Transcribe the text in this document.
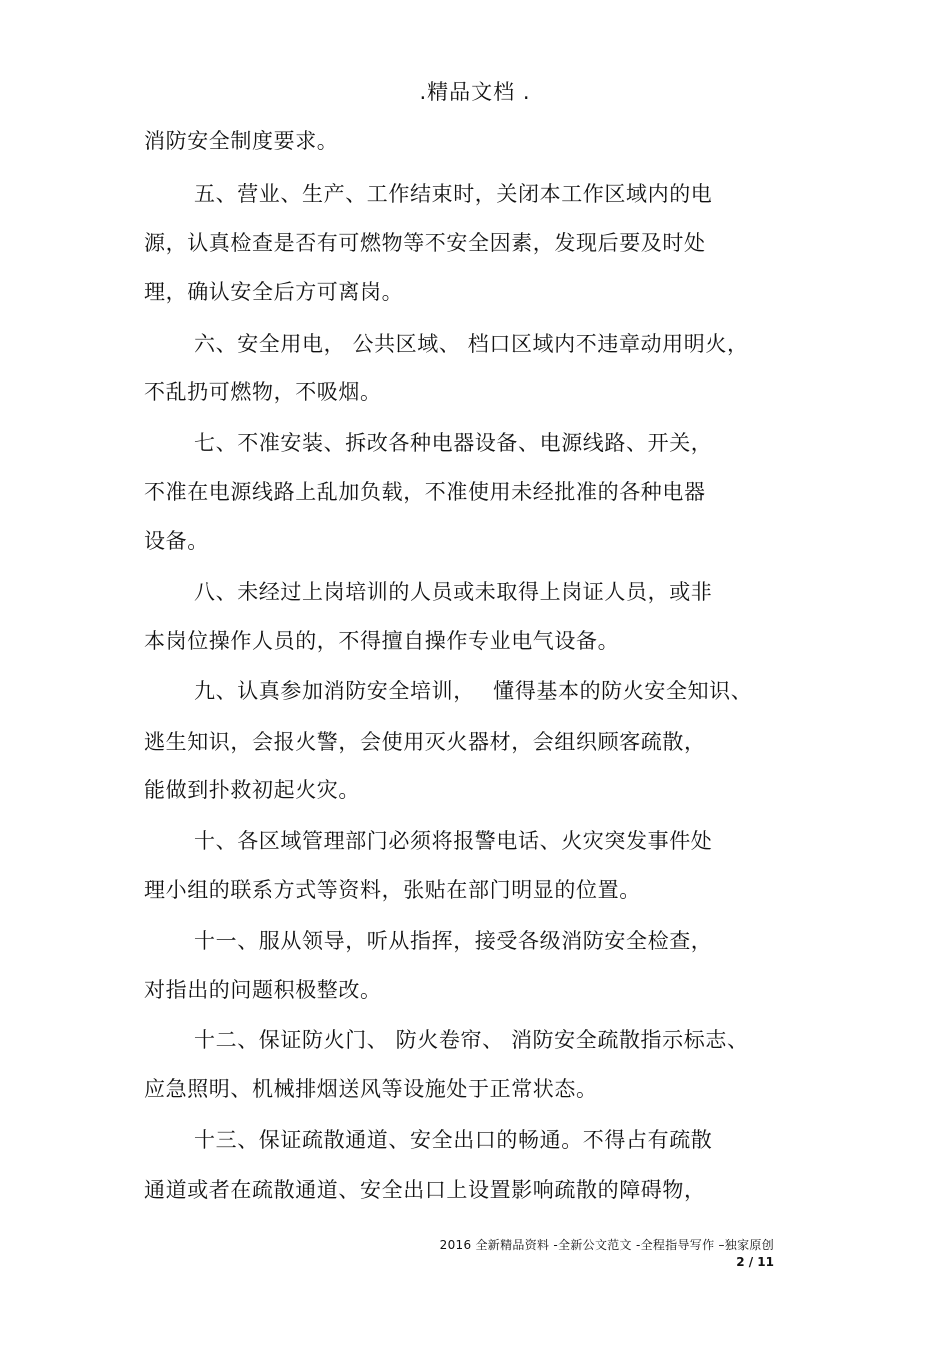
.精品文档 .
消防安全制度要求。
五、营业、生产、工作结束时，关闭本工作区域内的电
源，认真检查是否有可燃物等不安全因素，发现后要及时处
理，确认安全后方可离岗。
六、安全用电， 公共区域、 档口区域内不违章动用明火，
不乱扔可燃物，不吸烟。
七、不准安装、拆改各种电器设备、电源线路、开关，
不准在电源线路上乱加负载，不准使用未经批准的各种电器
设备。
八、未经过上岗培训的人员或未取得上岗证人员，或非
本岗位操作人员的，不得擅自操作专业电气设备。
九、认真参加消防安全培训，　 懂得基本的防火安全知识、
逃生知识，会报火警，会使用灭火器材，会组织顾客疏散，
能做到扑救初起火灾。
十、各区域管理部门必须将报警电话、火灾突发事件处
理小组的联系方式等资料，张贴在部门明显的位置。
十一、服从领导，听从指挥，接受各级消防安全检查，
对指出的问题积极整改。
十二、保证防火门、 防火卷帘、 消防安全疏散指示标志、
应急照明、机械排烟送风等设施处于正常状态。
十三、保证疏散通道、安全出口的畅通。不得占有疏散
通道或者在疏散通道、安全出口上设置影响疏散的障碍物，
2016 全新精品资料 -全新公文范文 -全程指导写作 –独家原创
2 / 11
